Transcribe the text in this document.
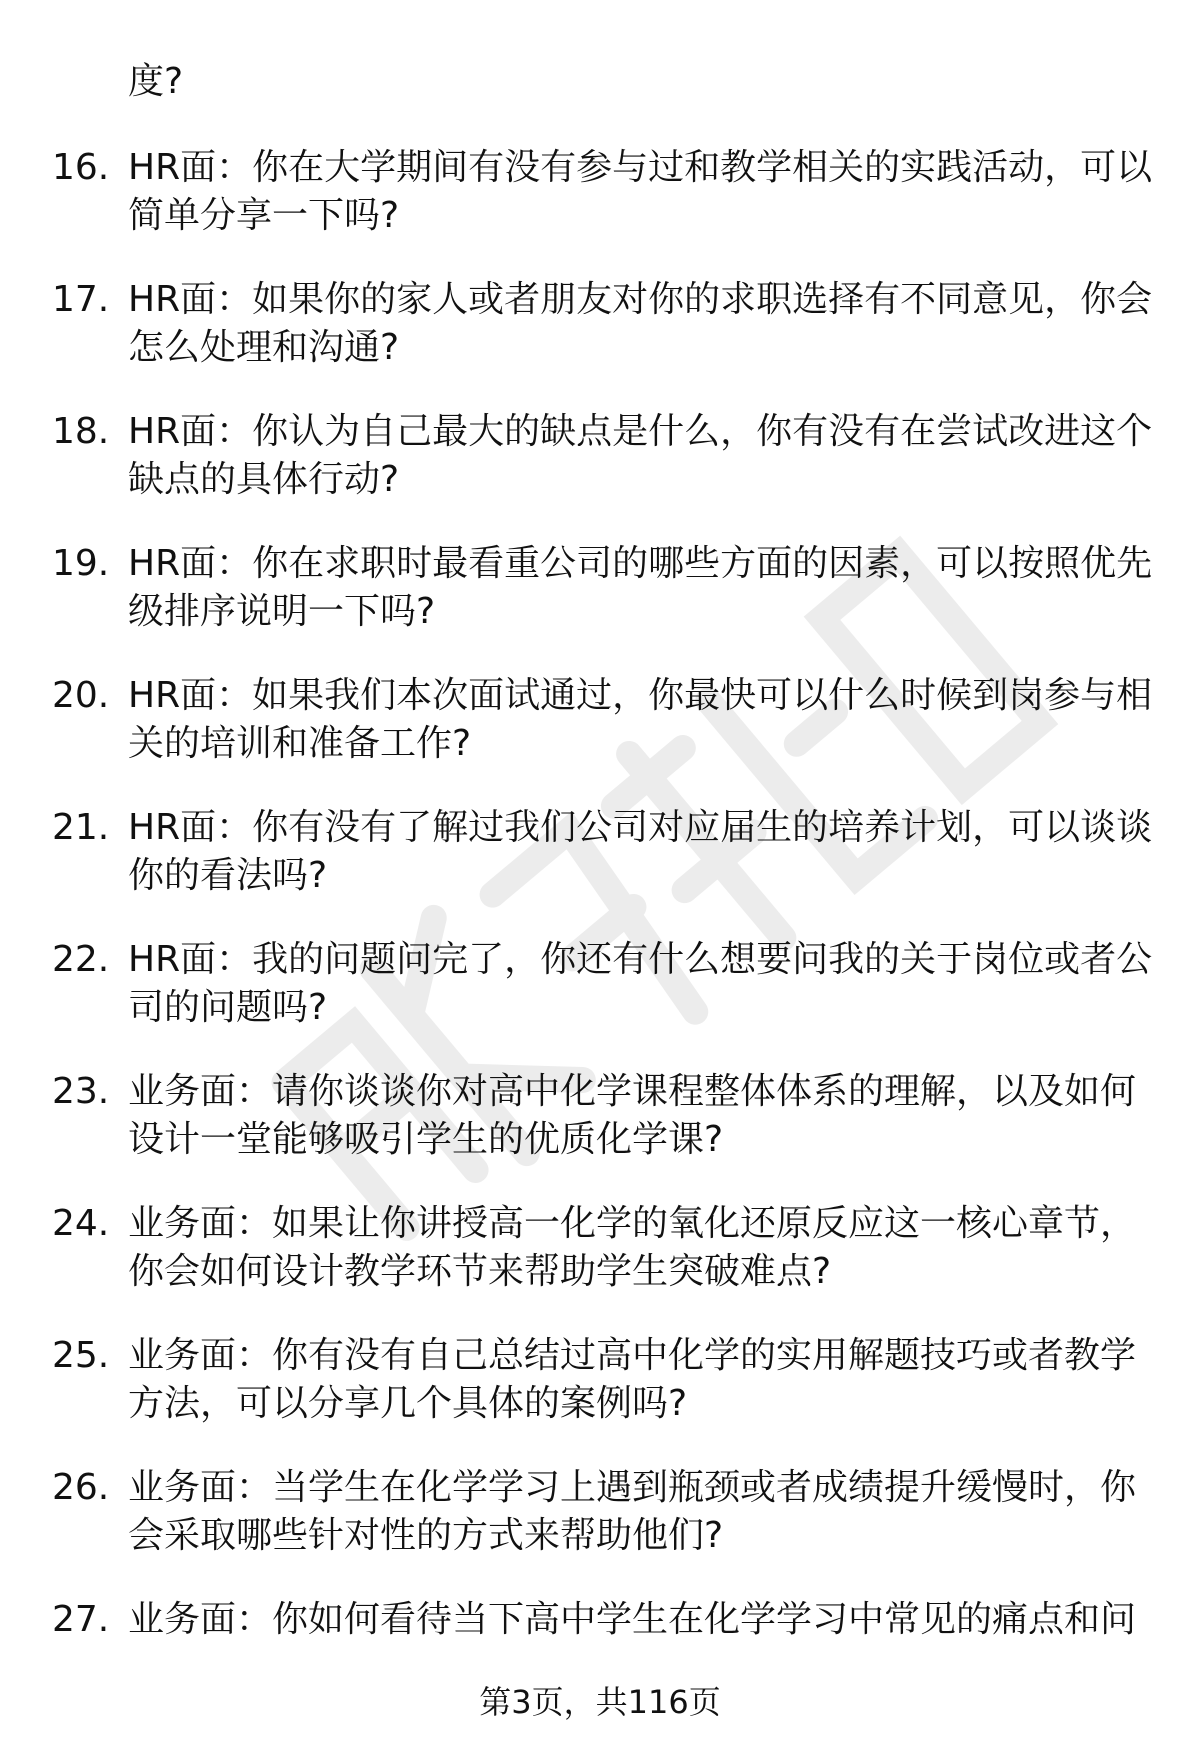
度?
16. HR面：你在大学期间有没有参与过和教学相关的实践活动，可以
简单分享一下吗?
17. HR面：如果你的家人或者朋友对你的求职选择有不同意见，你会
怎么处理和沟通?
18. HR面：你认为自己最大的缺点是什么，你有没有在尝试改进这个
缺点的具体行动?
19. HR面：你在求职时最看重公司的哪些方面的因素，可以按照优先
级排序说明一下吗?
20. HR面：如果我们本次面试通过，你最快可以什么时候到岗参与相
关的培训和准备工作?
21. HR面：你有没有了解过我们公司对应届生的培养计划，可以谈谈
你的看法吗?
22. HR面：我的问题问完了，你还有什么想要问我的关于岗位或者公
司的问题吗?
23. 业务面：请你谈谈你对高中化学课程整体体系的理解，以及如何
设计一堂能够吸引学生的优质化学课?
24. 业务面：如果让你讲授高一化学的氧化还原反应这一核心章节，
你会如何设计教学环节来帮助学生突破难点?
25. 业务面：你有没有自己总结过高中化学的实用解题技巧或者教学
方法，可以分享几个具体的案例吗?
26. 业务面：当学生在化学学习上遇到瓶颈或者成绩提升缓慢时，你
会采取哪些针对性的方式来帮助他们?
27. 业务面：你如何看待当下高中学生在化学学习中常见的痛点和问
第3页，共116页
